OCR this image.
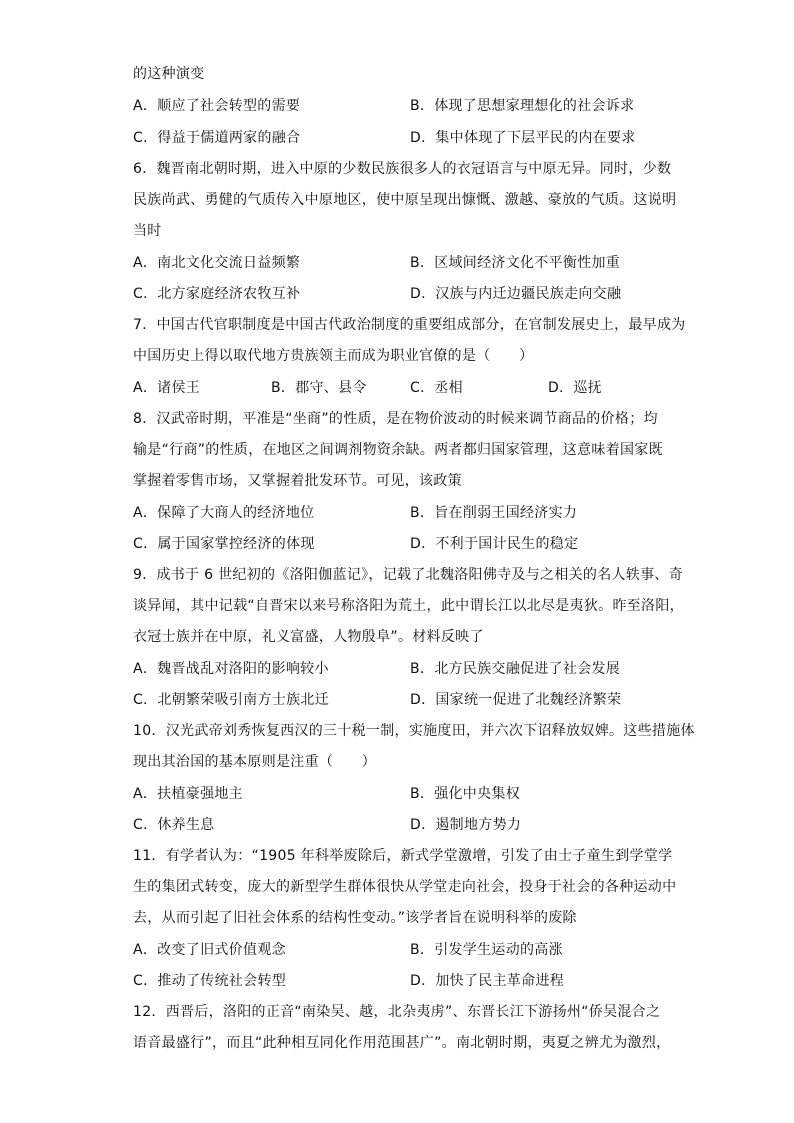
的这种演变
A．顺应了社会转型的需要	B．体现了思想家理想化的社会诉求
C．得益于儒道两家的融合	D．集中体现了下层平民的内在要求
6．魏晋南北朝时期，进入中原的少数民族很多人的衣冠语言与中原无异。同时，少数
民族尚武、勇健的气质传入中原地区，使中原呈现出慷慨、激越、豪放的气质。这说明
当时
A．南北文化交流日益频繁	B．区域间经济文化不平衡性加重
C．北方家庭经济农牧互补	D．汉族与内迁边疆民族走向交融
7．中国古代官职制度是中国古代政治制度的重要组成部分，在官制发展史上，最早成为
中国历史上得以取代地方贵族领主而成为职业官僚的是（　　）
A．诸侯王	B．郡守、县令	C．丞相	D．巡抚
8．汉武帝时期，平准是“坐商”的性质，是在物价波动的时候来调节商品的价格；均
输是“行商”的性质，在地区之间调剂物资余缺。两者都归国家管理，这意味着国家既
掌握着零售市场，又掌握着批发环节。可见，该政策
A．保障了大商人的经济地位	B．旨在削弱王国经济实力
C．属于国家掌控经济的体现	D．不利于国计民生的稳定
9．成书于 6 世纪初的《洛阳伽蓝记》，记载了北魏洛阳佛寺及与之相关的名人轶事、奇
谈异闻，其中记载“自晋宋以来号称洛阳为荒土，此中谓长江以北尽是夷狄。昨至洛阳，
衣冠士族并在中原，礼义富盛，人物殷阜”。材料反映了
A．魏晋战乱对洛阳的影响较小	B．北方民族交融促进了社会发展
C．北朝繁荣吸引南方士族北迁	D．国家统一促进了北魏经济繁荣
10．汉光武帝刘秀恢复西汉的三十税一制，实施度田，并六次下诏释放奴婢。这些措施体
现出其治国的基本原则是注重（　　）
A．扶植豪强地主	B．强化中央集权
C．休养生息	D．遏制地方势力
11．有学者认为：“1905 年科举废除后，新式学堂激增，引发了由士子童生到学堂学
生的集团式转变，庞大的新型学生群体很快从学堂走向社会，投身于社会的各种运动中
去，从而引起了旧社会体系的结构性变动。”该学者旨在说明科举的废除
A．改变了旧式价值观念	B．引发学生运动的高涨
C．推动了传统社会转型	D．加快了民主革命进程
12．西晋后，洛阳的正音“南染吴、越，北杂夷虏”、东晋长江下游扬州“侨吴混合之
语音最盛行”，而且“此种相互同化作用范围甚广”。南北朝时期，夷夏之辨尤为激烈，
